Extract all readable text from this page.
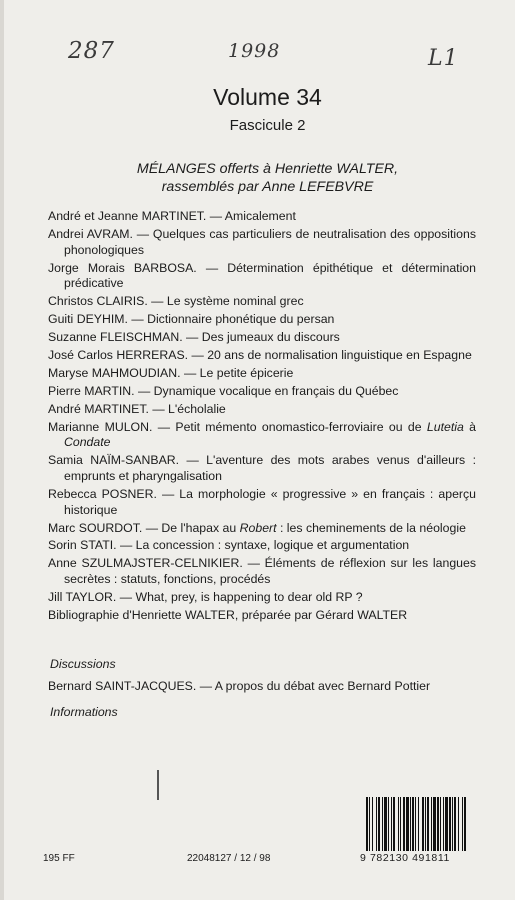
287	1998	L1
Volume 34
Fascicule 2
MÉLANGES offerts à Henriette WALTER,
rassemblés par Anne LEFEBVRE
André et Jeanne MARTINET. — Amicalement
Andrei AVRAM. — Quelques cas particuliers de neutralisation des oppositions phonologiques
Jorge Morais BARBOSA. — Détermination épithétique et détermination prédicative
Christos CLAIRIS. — Le système nominal grec
Guiti DEYHIM. — Dictionnaire phonétique du persan
Suzanne FLEISCHMAN. — Des jumeaux du discours
José Carlos HERRERAS. — 20 ans de normalisation linguistique en Espagne
Maryse MAHMOUDIAN. — Le petite épicerie
Pierre MARTIN. — Dynamique vocalique en français du Québec
André MARTINET. — L'écholalie
Marianne MULON. — Petit mémento onomastico-ferroviaire ou de Lutetia à Condate
Samia NAÏM-SANBAR. — L'aventure des mots arabes venus d'ailleurs : emprunts et pharyngalisation
Rebecca POSNER. — La morphologie « progressive » en français : aperçu historique
Marc SOURDOT. — De l'hapax au Robert : les cheminements de la néologie
Sorin STATI. — La concession : syntaxe, logique et argumentation
Anne SZULMAJSTER-CELNIKIER. — Éléments de réflexion sur les langues secrètes : statuts, fonctions, procédés
Jill TAYLOR. — What, prey, is happening to dear old RP ?
Bibliographie d'Henriette WALTER, préparée par Gérard WALTER
Discussions
Bernard SAINT-JACQUES. — A propos du débat avec Bernard Pottier
Informations
195 FF	22048127 / 12 / 98	9 782130 491811
